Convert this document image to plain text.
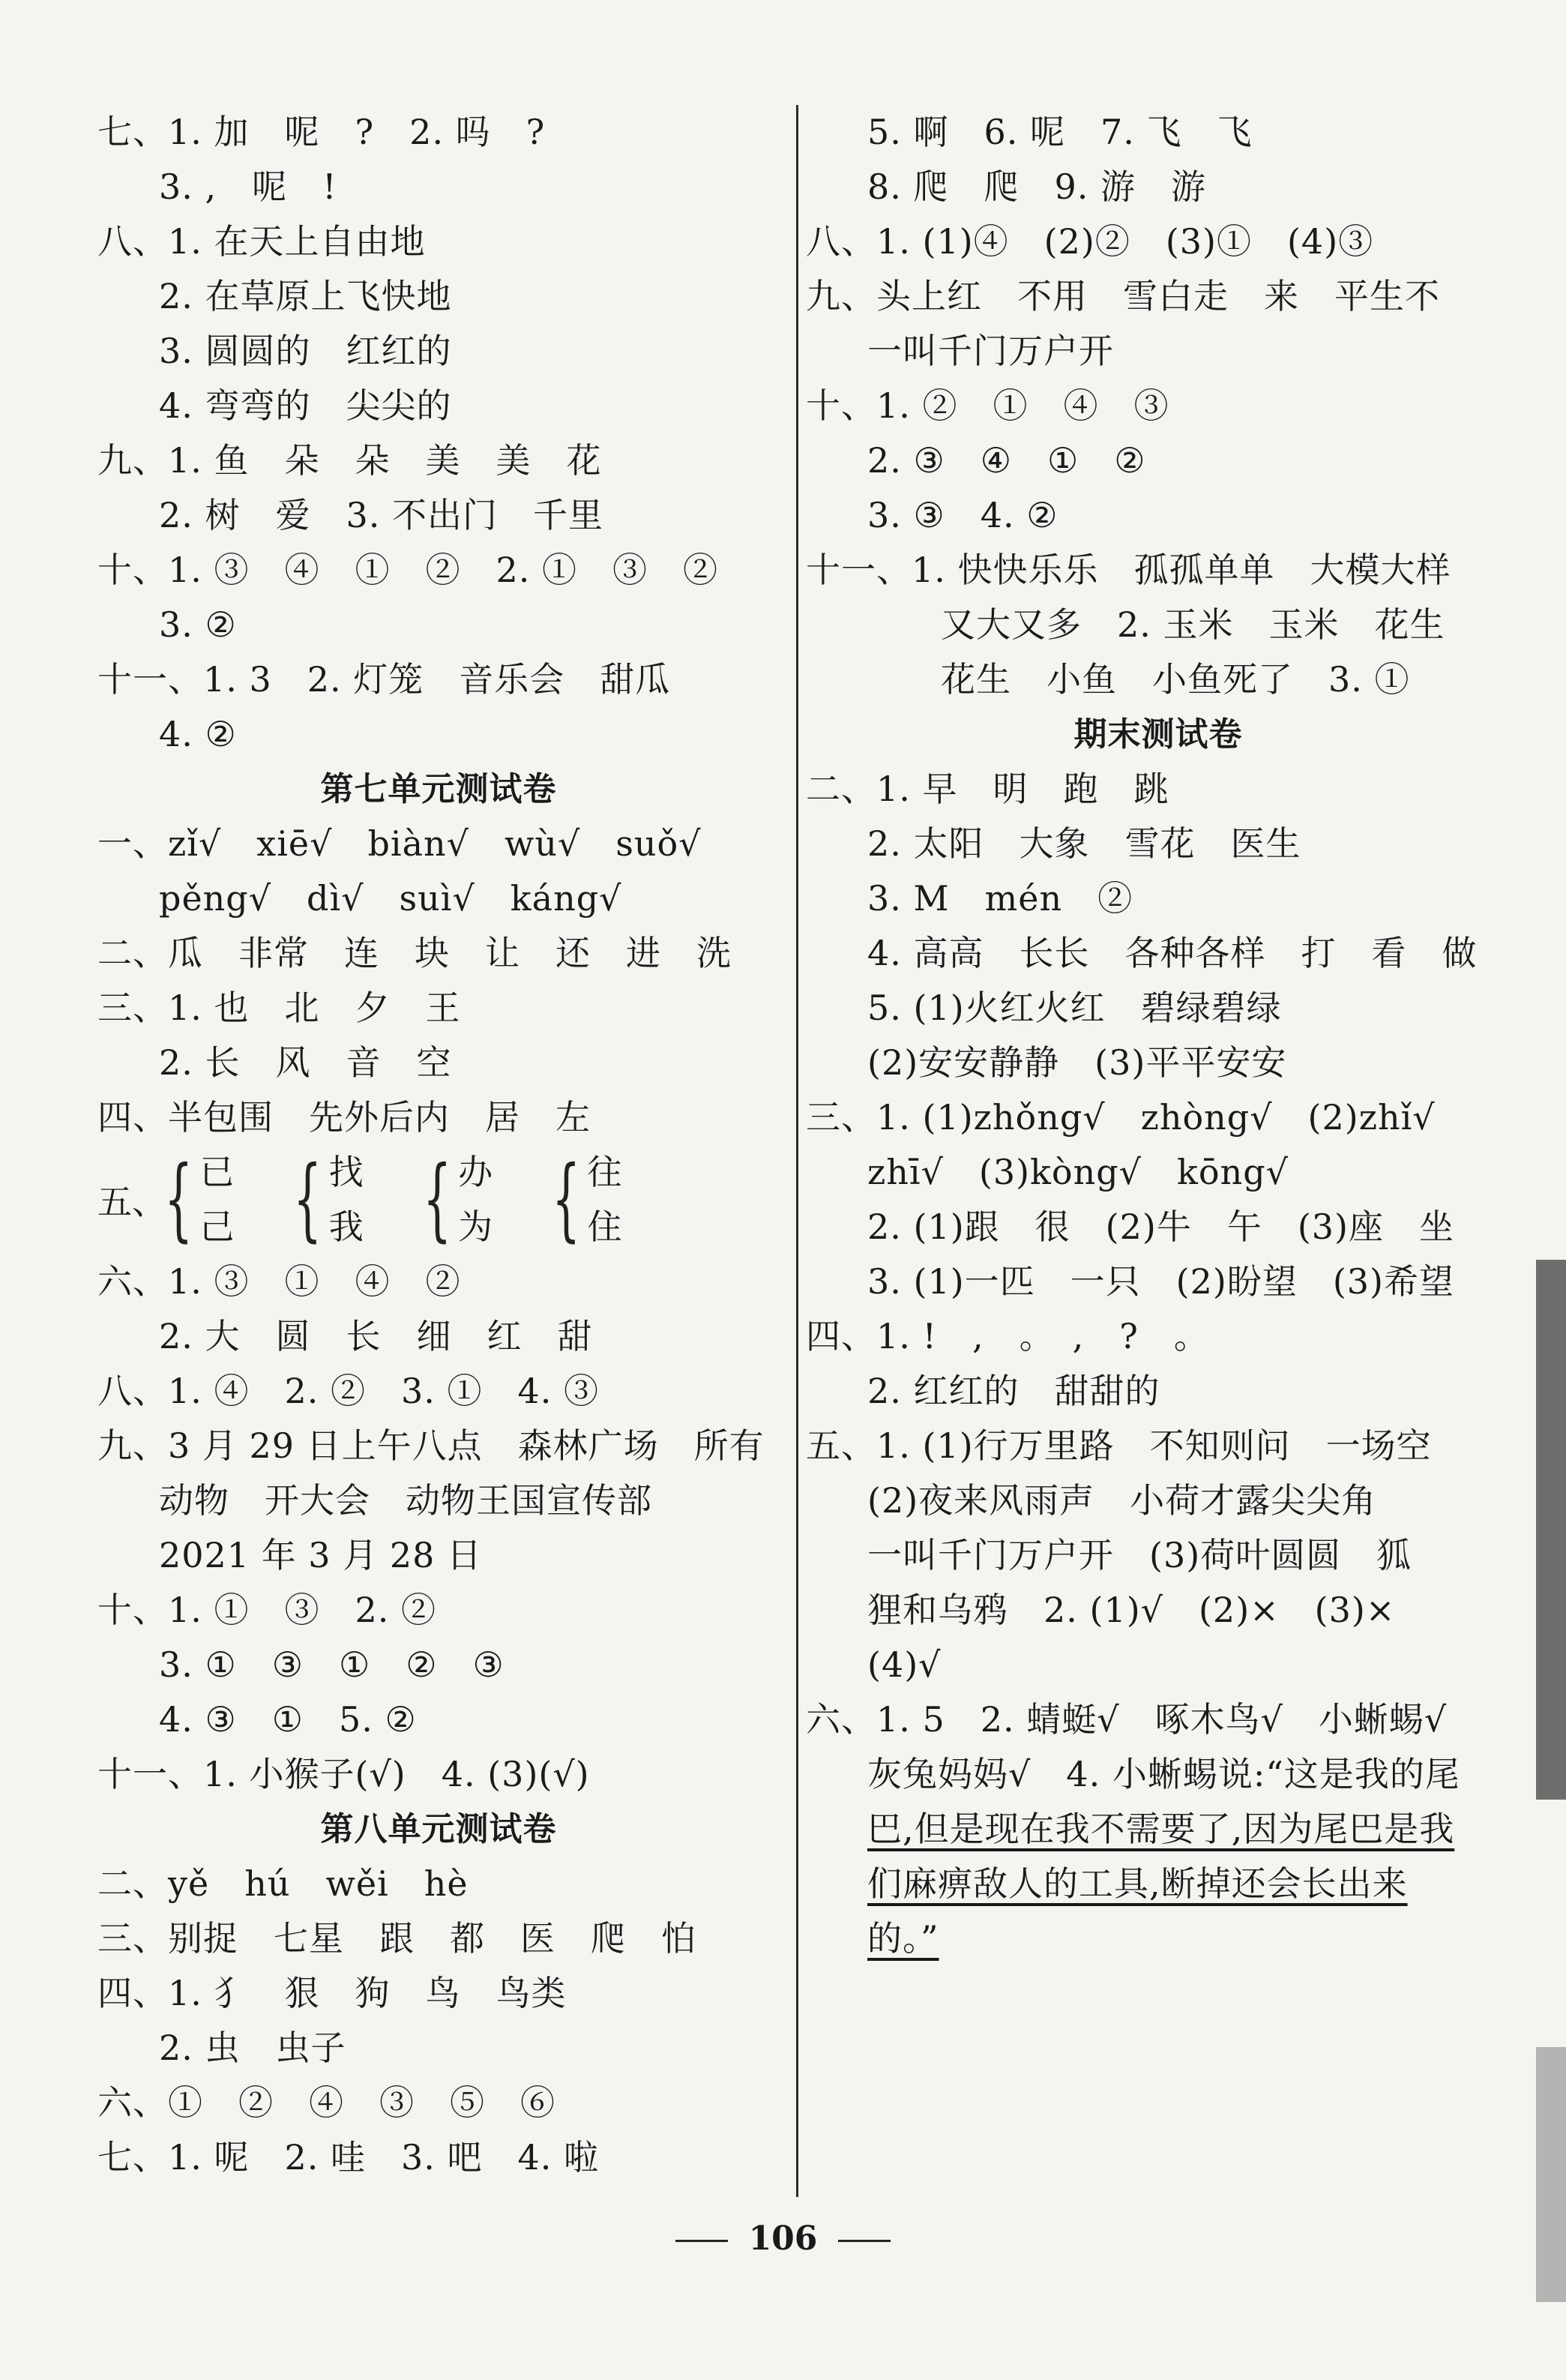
七、1. 加　呢　?　2. 吗　?
3. ,　呢　!
八、1. 在天上自由地
2. 在草原上飞快地
3. 圆圆的　红红的
4. 弯弯的　尖尖的
九、1. 鱼　朵　朵　美　美　花
2. 树　爱　3. 不出门　千里
十、1. ③　④　①　②　2. ①　③　②
3. ②
十一、1. 3　2. 灯笼　音乐会　甜瓜
4. ②
第七单元测试卷
一、zǐ√　xiē√　biàn√　wù√　suǒ√
pěng√　dì√　suì√　káng√
二、瓜　非常　连　块　让　还　进　洗
三、1. 也　北　夕　王
2. 长　风　音　空
四、半包围　先外后内　居　左
五、
{ 已
己 { 找
我 { 办
为 { 往
住
六、1. ③　①　④　②
2. 大　圆　长　细　红　甜
八、1. ④　2. ②　3. ①　4. ③
九、3 月 29 日上午八点　森林广场　所有
动物　开大会　动物王国宣传部
2021 年 3 月 28 日
十、1. ①　③　2. ②
3. ①　③　①　②　③
4. ③　①　5. ②
十一、1. 小猴子(√)　4. (3)(√)
第八单元测试卷
二、yě　hú　wěi　hè
三、别捉　七星　跟　都　医　爬　怕
四、1. 犭　狠　狗　鸟　鸟类
2. 虫　虫子
六、①　②　④　③　⑤　⑥
七、1. 呢　2. 哇　3. 吧　4. 啦
5. 啊　6. 呢　7. 飞　飞
8. 爬　爬　9. 游　游
八、1. (1)④　(2)②　(3)①　(4)③
九、头上红　不用　雪白走　来　平生不
一叫千门万户开
十、1. ②　①　④　③
2. ③　④　①　②
3. ③　4. ②
十一、1. 快快乐乐　孤孤单单　大模大样
又大又多　2. 玉米　玉米　花生
花生　小鱼　小鱼死了　3. ①
期末测试卷
二、1. 早　明　跑　跳
2. 太阳　大象　雪花　医生
3. M　mén　②
4. 高高　长长　各种各样　打　看　做
5. (1)火红火红　碧绿碧绿
(2)安安静静　(3)平平安安
三、1. (1)zhǒng√　zhòng√　(2)zhǐ√
zhī√　(3)kòng√　kōng√
2. (1)跟　很　(2)牛　午　(3)座　坐
3. (1)一匹　一只　(2)盼望　(3)希望
四、1. !　,　。　,　?　。
2. 红红的　甜甜的
五、1. (1)行万里路　不知则问　一场空
(2)夜来风雨声　小荷才露尖尖角
一叫千门万户开　(3)荷叶圆圆　狐
狸和乌鸦　2. (1)√　(2)×　(3)×
(4)√
六、1. 5　2. 蜻蜓√　啄木鸟√　小蜥蜴√
灰兔妈妈√　4. 小蜥蜴说:“这是我的尾
巴,但是现在我不需要了,因为尾巴是我
们麻痹敌人的工具,断掉还会长出来
的。”
106
